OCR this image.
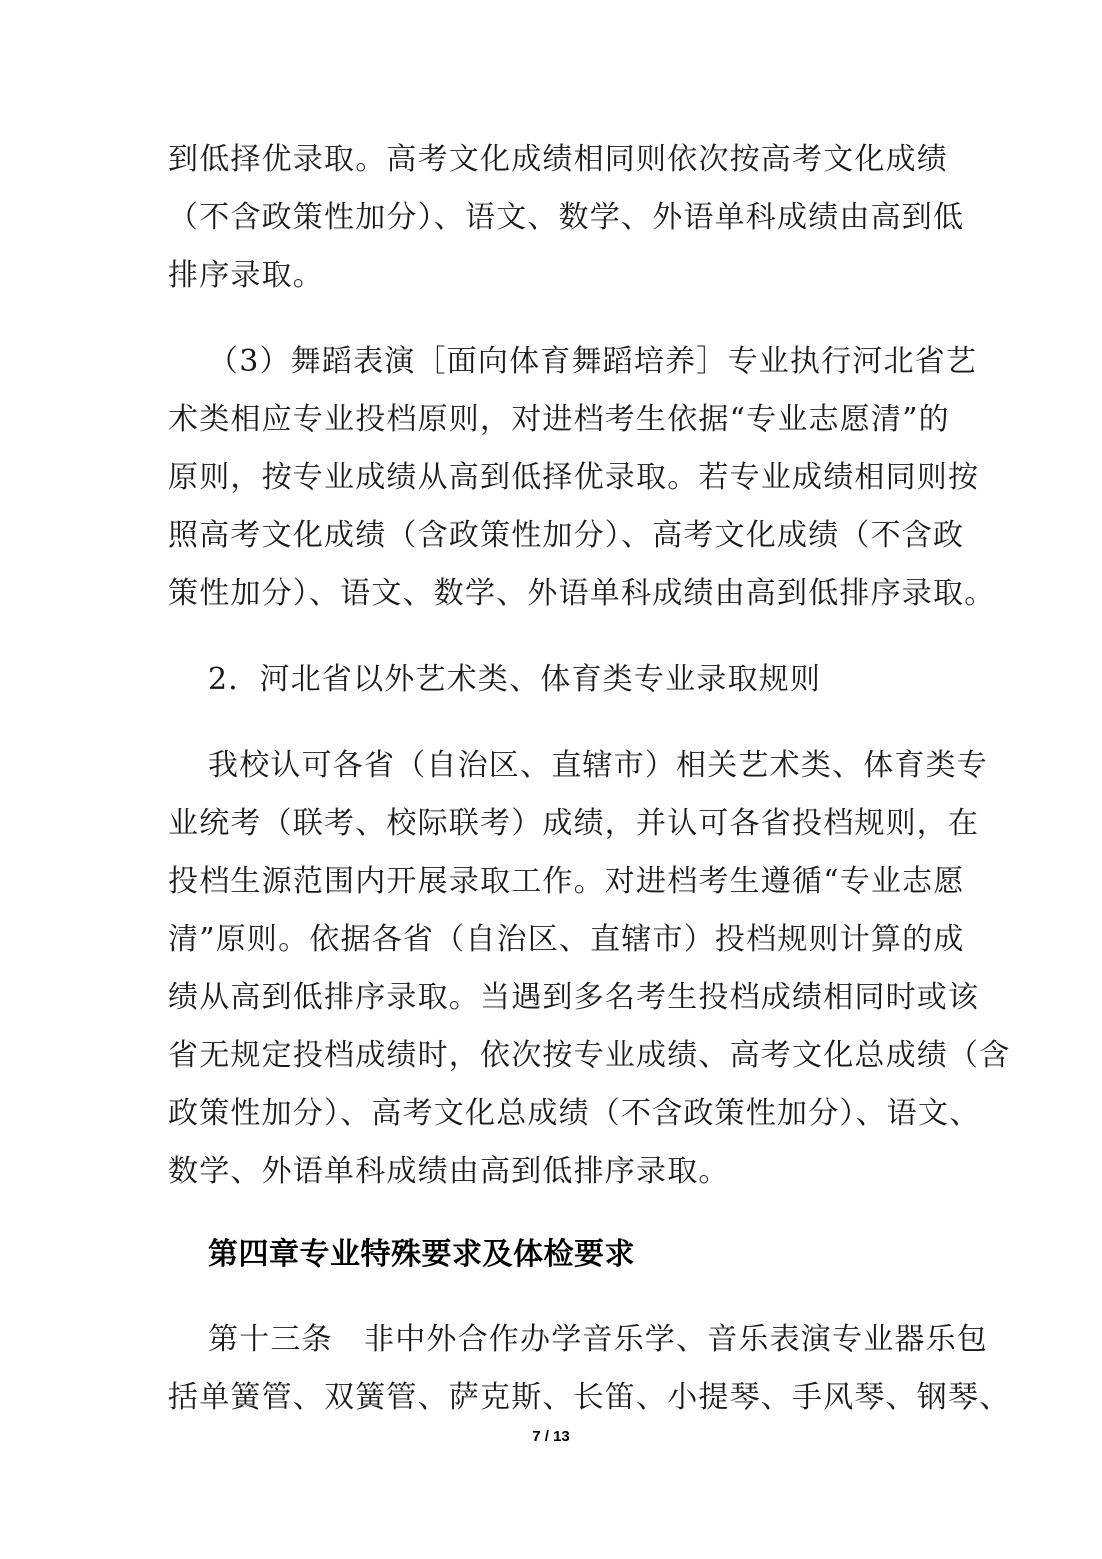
到低择优录取。高考文化成绩相同则依次按高考文化成绩
（不含政策性加分）、语文、数学、外语单科成绩由高到低
排序录取。
（3）舞蹈表演［面向体育舞蹈培养］专业执行河北省艺
术类相应专业投档原则，对进档考生依据“专业志愿清”的
原则，按专业成绩从高到低择优录取。若专业成绩相同则按
照高考文化成绩（含政策性加分）、高考文化成绩（不含政
策性加分）、语文、数学、外语单科成绩由高到低排序录取。
2．河北省以外艺术类、体育类专业录取规则
我校认可各省（自治区、直辖市）相关艺术类、体育类专
业统考（联考、校际联考）成绩，并认可各省投档规则，在
投档生源范围内开展录取工作。对进档考生遵循“专业志愿
清”原则。依据各省（自治区、直辖市）投档规则计算的成
绩从高到低排序录取。当遇到多名考生投档成绩相同时或该
省无规定投档成绩时，依次按专业成绩、高考文化总成绩（含
政策性加分）、高考文化总成绩（不含政策性加分）、语文、
数学、外语单科成绩由高到低排序录取。
第十三条　非中外合作办学音乐学、音乐表演专业器乐包
括单簧管、双簧管、萨克斯、长笛、小提琴、手风琴、钢琴、
第四章专业特殊要求及体检要求
7 / 13
